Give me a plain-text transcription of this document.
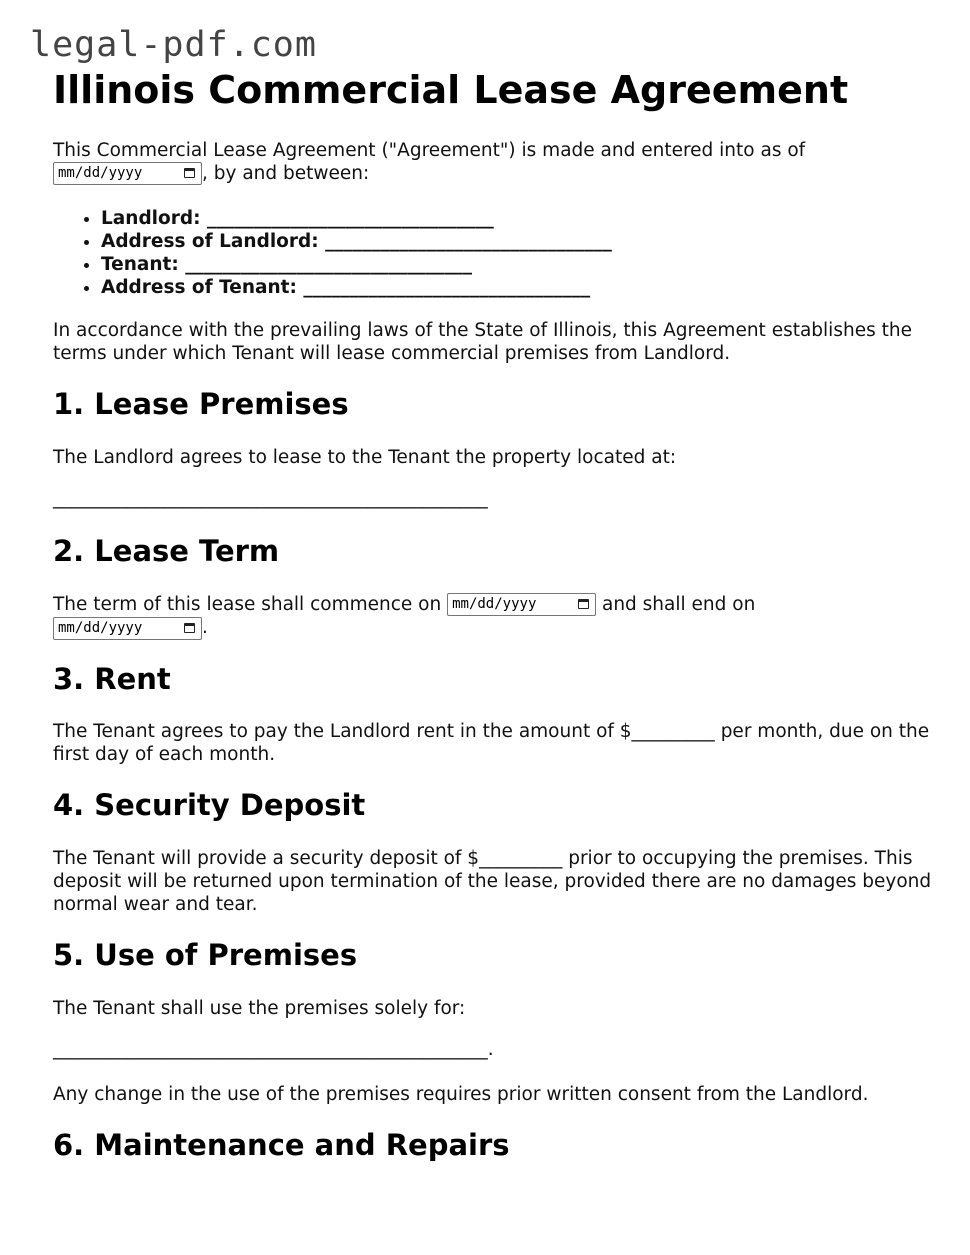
legal-pdf.com
Illinois Commercial Lease Agreement

This Commercial Lease Agreement ("Agreement") is made and entered into as of
mm/dd/yyyy	, by and between:

• Landlord: _______________________________
• Address of Landlord: _______________________________
• Tenant: _______________________________
• Address of Tenant: _______________________________

In accordance with the prevailing laws of the State of Illinois, this Agreement establishes the terms under which Tenant will lease commercial premises from Landlord.

1. Lease Premises

The Landlord agrees to lease to the Tenant the property located at:

_______________________________________________
2. Lease Term

The term of this lease shall commence on mm/dd/yyyy	and shall end on
mm/dd/yyyy	.

3. Rent

The Tenant agrees to pay the Landlord rent in the amount of $_________ per month, due on the first day of each month.

4. Security Deposit

The Tenant will provide a security deposit of $_________ prior to occupying the premises. This deposit will be returned upon termination of the lease, provided there are no damages beyond normal wear and tear.

5. Use of Premises

The Tenant shall use the premises solely for:

_______________________________________________.

Any change in the use of the premises requires prior written consent from the Landlord.

6. Maintenance and Repairs
